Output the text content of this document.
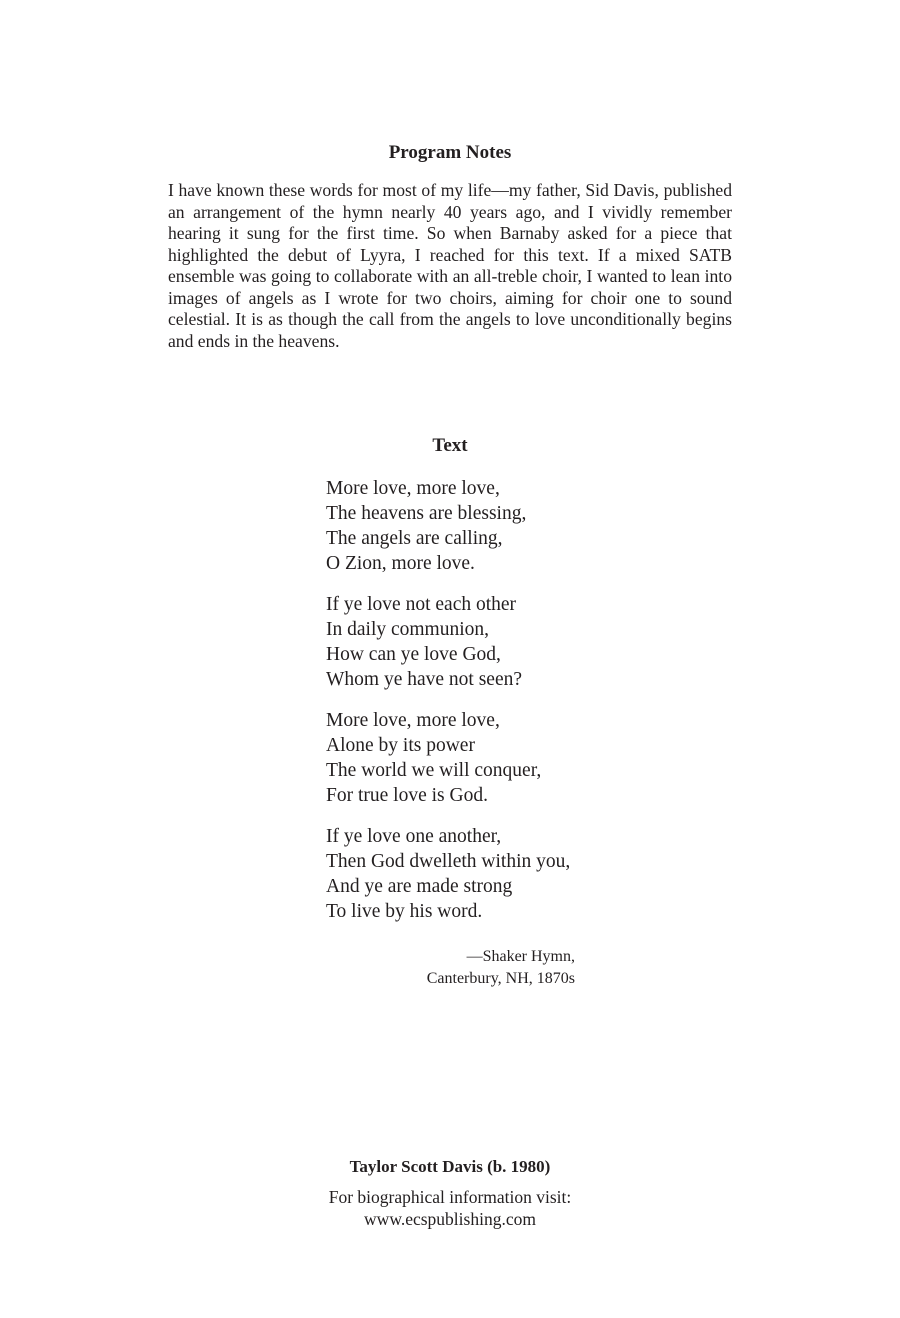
Program Notes

I have known these words for most of my life—my father, Sid Davis, published an arrangement of the hymn nearly 40 years ago, and I vividly remember hearing it sung for the first time. So when Barnaby asked for a piece that highlighted the debut of Lyyra, I reached for this text. If a mixed SATB ensemble was going to collaborate with an all-treble choir, I wanted to lean into images of angels as I wrote for two choirs, aiming for choir one to sound celestial. It is as though the call from the angels to love unconditionally begins and ends in the heavens.

Text
More love, more love,
The heavens are blessing,
The angels are calling,
O Zion, more love.
If ye love not each other
In daily communion,
How can ye love God,
Whom ye have not seen?
More love, more love,
Alone by its power
The world we will conquer,
For true love is God.
If ye love one another,
Then God dwelleth within you,
And ye are made strong
To live by his word.
—Shaker Hymn,
Canterbury, NH, 1870s
Taylor Scott Davis (b. 1980)
For biographical information visit:
www.ecspublishing.com
